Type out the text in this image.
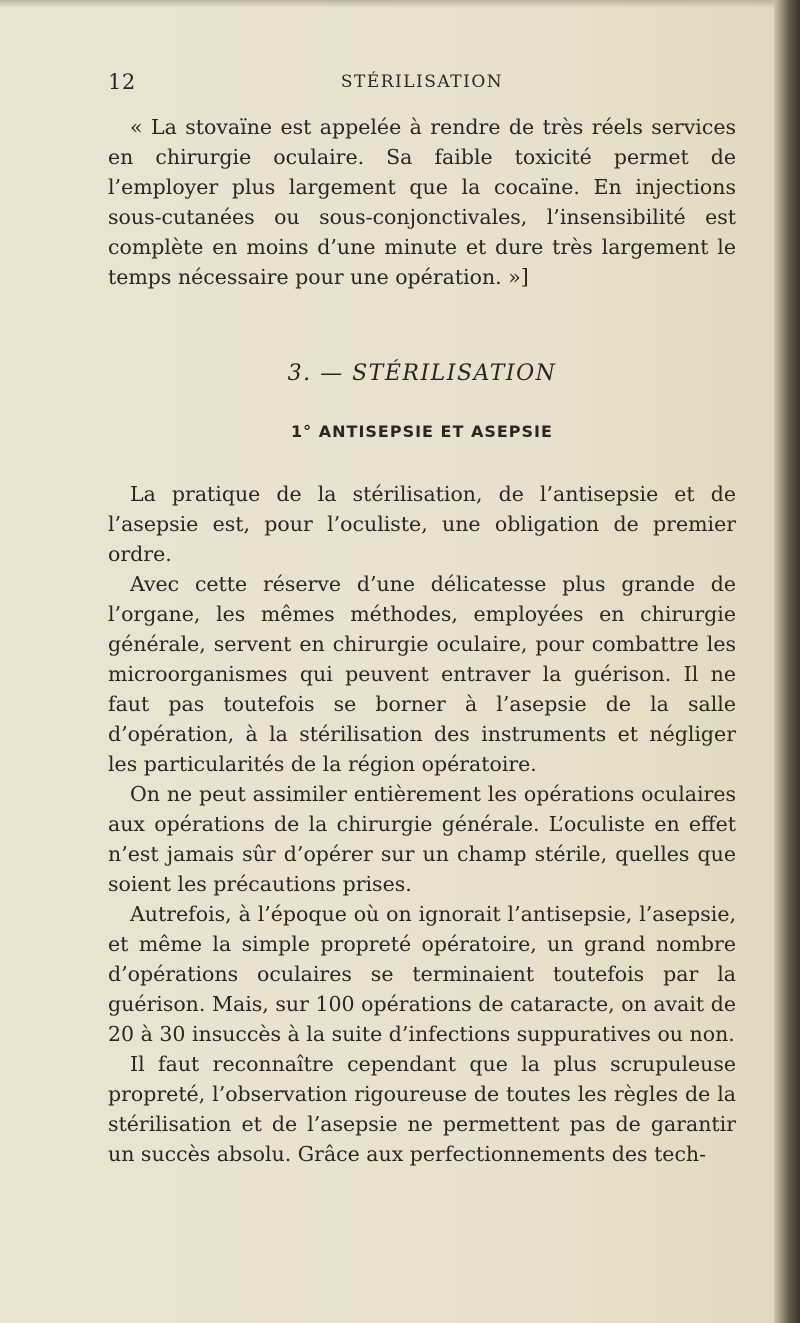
12	STÉRILISATION

« La stovaïne est appelée à rendre de très réels services en chirurgie oculaire. Sa faible toxicité permet de l’employer plus largement que la cocaïne. En injections sous-cutanées ou sous-conjonctivales, l’insensibilité est complète en moins d’une minute et dure très largement le temps nécessaire pour une opération. »]

3. — STÉRILISATION
1° ANTISEPSIE ET ASEPSIE

La pratique de la stérilisation, de l’antisepsie et de l’asepsie est, pour l’oculiste, une obligation de premier ordre.

Avec cette réserve d’une délicatesse plus grande de l’organe, les mêmes méthodes, employées en chirurgie générale, servent en chirurgie oculaire, pour combattre les microorganismes qui peuvent entraver la guérison. Il ne faut pas toutefois se borner à l’asepsie de la salle d’opération, à la stérilisation des instruments et négliger les particularités de la région opératoire.

On ne peut assimiler entièrement les opérations oculaires aux opérations de la chirurgie générale. L’oculiste en effet n’est jamais sûr d’opérer sur un champ stérile, quelles que soient les précautions prises.

Autrefois, à l’époque où on ignorait l’antisepsie, l’asepsie, et même la simple propreté opératoire, un grand nombre d’opérations oculaires se terminaient toutefois par la guérison. Mais, sur 100 opérations de cataracte, on avait de 20 à 30 insuccès à la suite d’infections suppuratives ou non.

Il faut reconnaître cependant que la plus scrupuleuse propreté, l’observation rigoureuse de toutes les règles de la stérilisation et de l’asepsie ne permettent pas de garantir un succès absolu. Grâce aux perfectionnements des tech-
